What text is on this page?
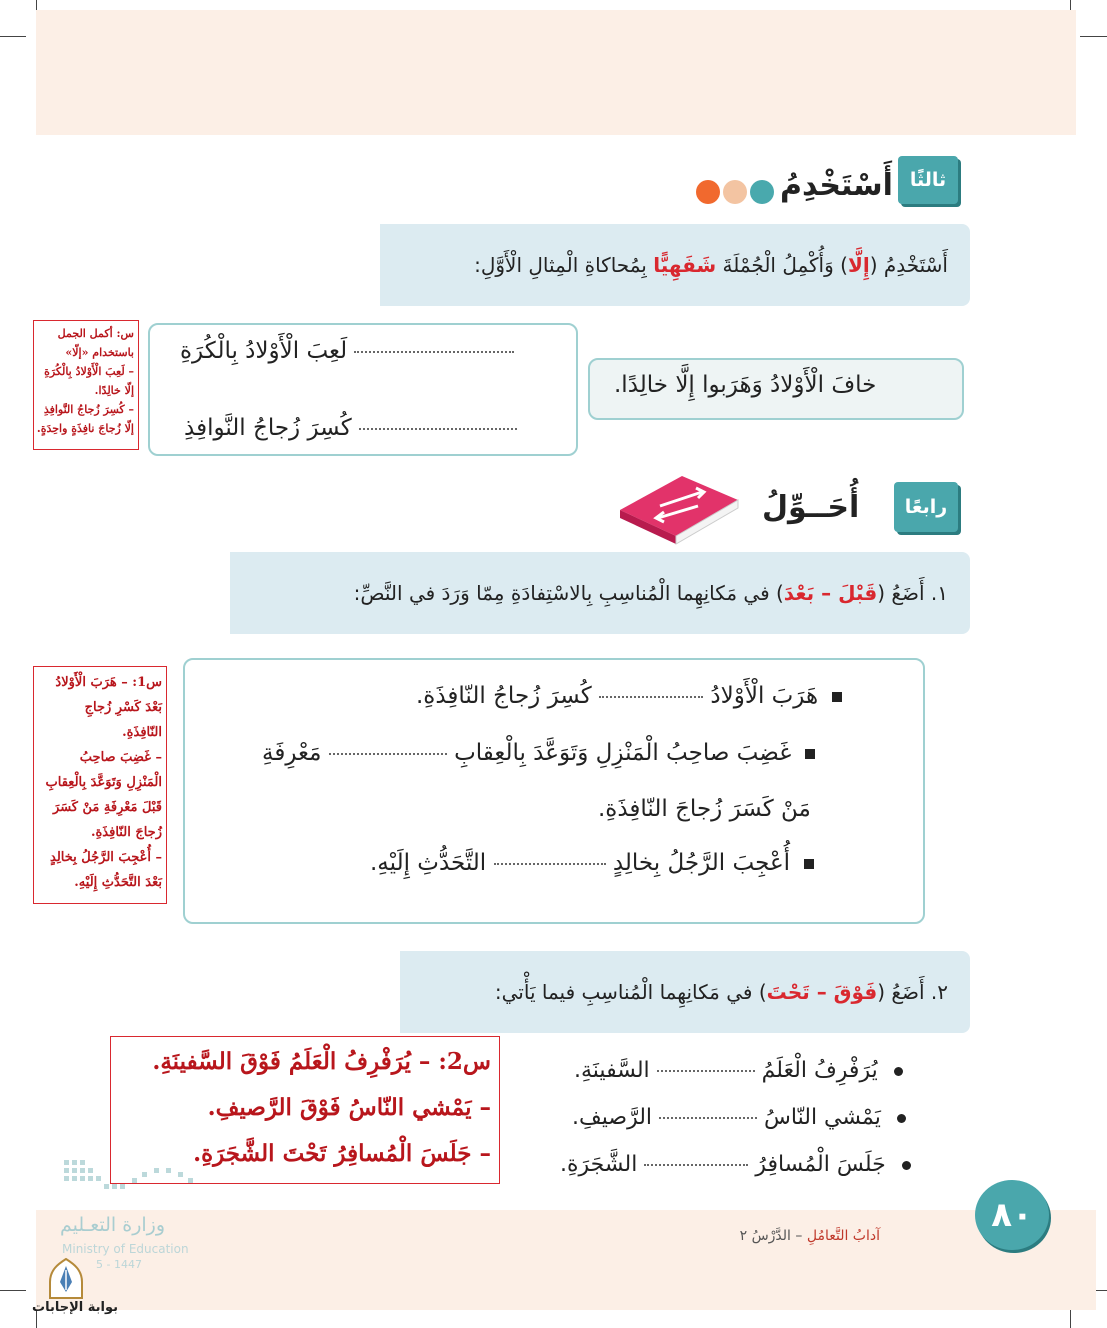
ثالثًا
أَسْتَخْدِمُ
أَسْتَخْدِمُ (إِلَّا) وَأُكْمِلُ الْجُمْلَةَ شَفَهِيًّا بِمُحاكاةِ الْمِثالِ الْأَوَّلِ:
لَعِبَ الْأَوْلادُ بِالْكُرَةِ
كُسِرَ زُجاجُ النَّوافِذِ
خافَ الْأَوْلادُ وَهَرَبوا إِلَّا خالِدًا.
س: أكمل الجمل
باستخدام «إلّا»
– لَعِبَ الْأَوْلادُ بِالْكُرَةِ
إلّا خالِدًا.
– كُسِرَ زُجاجُ النَّوافِذِ
إلّا زُجاجَ نافِذَةٍ واحِدَةٍ.
رابعًا
أُحَــوِّلُ
١. أَضَعُ (قَبْلَ – بَعْدَ) في مَكانِهِما الْمُناسِبِ بِالاسْتِفادَةِ مِمّا وَرَدَ في النَّصِّ:
هَرَبَ الْأَوْلادُ  كُسِرَ زُجاجُ النّافِذَةِ.
غَضِبَ صاحِبُ الْمَنْزِلِ وَتَوَعَّدَ بِالْعِقابِ  مَعْرِفَةِ
مَنْ كَسَرَ زُجاجَ النّافِذَةِ.
أُعْجِبَ الرَّجُلُ بِخالِدٍ  التَّحَدُّثِ إِلَيْهِ.
س1: – هَرَبَ الْأَوْلادُ
بَعْدَ كَسْرِ زُجاجِ
النّافِذَةِ.
– غَضِبَ صاحِبُ
الْمَنْزِلِ وَتَوَعَّدَ بِالْعِقابِ
قَبْلَ مَعْرِفَةِ مَنْ كَسَرَ
زُجاجَ النّافِذَةِ.
– أُعْجِبَ الرَّجُلُ بِخالِدٍ
بَعْدَ التَّحَدُّثِ إِلَيْهِ.
٢. أَضَعُ (فَوْقَ – تَحْتَ) في مَكانِهِما الْمُناسِبِ فيما يَأْتي:
يُرَفْرِفُ الْعَلَمُ  السَّفينَةِ.
يَمْشي النّاسُ  الرَّصيفِ.
جَلَسَ الْمُسافِرُ  الشَّجَرَةِ.
س2: – يُرَفْرِفُ الْعَلَمُ فَوْقَ السَّفينَةِ.
– يَمْشي النّاسُ فَوْقَ الرَّصيفِ.
– جَلَسَ الْمُسافِرُ تَحْتَ الشَّجَرَةِ.
٨٠
آدابُ التَّعامُلِ – الدَّرْسُ ٢
وزارة التعـليم
Ministry of Education
5 - 1447
بوابة الإجابات
